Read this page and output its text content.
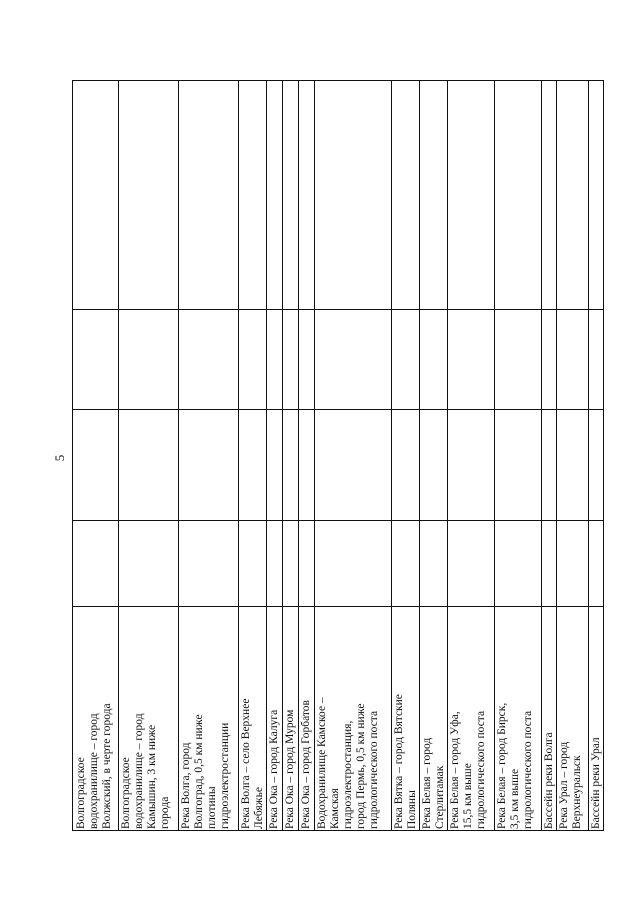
5
Волгоградское водохранилище – город Волжский, в черте города Волгоградское водохранилище – город Камышин, 3 км ниже города Река Волга, город Волгоград, 0,5 км ниже плотины гидроэлектростанции Река Волга – село Верхнее Лебяжье Река Ока – город Калуга Река Ока – город Муром Река Ока – город Горбатов Водохранилище Камское – Камская гидроэлектростанция, город Пермь, 0,5 км ниже гидрологического поста Река Вятка – город Вятские Поляны Река Белая – город Стерлитамак Река Белая – город Уфа, 15,5 км выше гидрологического поста Река Белая – город Бирск, 3,5 км выше гидрологического поста Бассейн реки Волга Река Урал – город Верхнеуральск Бассейн реки Урал
